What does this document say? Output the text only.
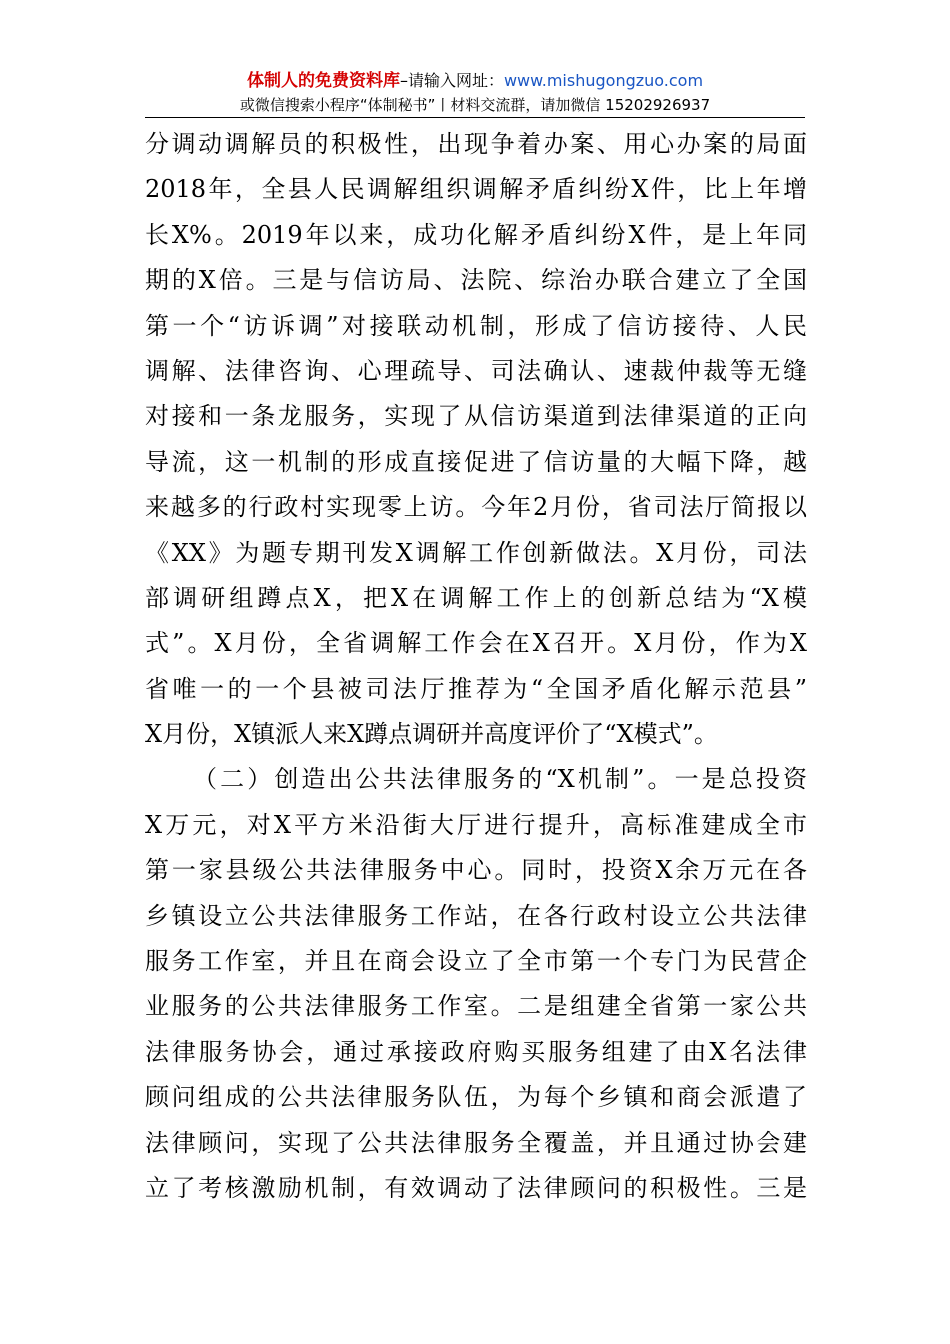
体制人的免费资料库–请输入网址：www.mishugongzuo.com
或微信搜索小程序“体制秘书”丨材料交流群，请加微信 15202926937
分调动调解员的积极性，出现争着办案、用心办案的局面
2018年，全县人民调解组织调解矛盾纠纷X件，比上年增
长X%。2019年以来，成功化解矛盾纠纷X件，是上年同
期的X倍。三是与信访局、法院、综治办联合建立了全国
第一个“访诉调”对接联动机制，形成了信访接待、人民
调解、法律咨询、心理疏导、司法确认、速裁仲裁等无缝
对接和一条龙服务，实现了从信访渠道到法律渠道的正向
导流，这一机制的形成直接促进了信访量的大幅下降，越
来越多的行政村实现零上访。今年2月份，省司法厅简报以
《XX》为题专期刊发X调解工作创新做法。X月份，司法
部调研组蹲点X，把X在调解工作上的创新总结为“X模
式”。X月份，全省调解工作会在X召开。X月份，作为X
省唯一的一个县被司法厅推荐为“全国矛盾化解示范县”
X月份，X镇派人来X蹲点调研并高度评价了“X模式”。
（二）创造出公共法律服务的“X机制”。一是总投资
X万元，对X平方米沿街大厅进行提升，高标准建成全市
第一家县级公共法律服务中心。同时，投资X余万元在各
乡镇设立公共法律服务工作站，在各行政村设立公共法律
服务工作室，并且在商会设立了全市第一个专门为民营企
业服务的公共法律服务工作室。二是组建全省第一家公共
法律服务协会，通过承接政府购买服务组建了由X名法律
顾问组成的公共法律服务队伍，为每个乡镇和商会派遣了
法律顾问，实现了公共法律服务全覆盖，并且通过协会建
立了考核激励机制，有效调动了法律顾问的积极性。三是
